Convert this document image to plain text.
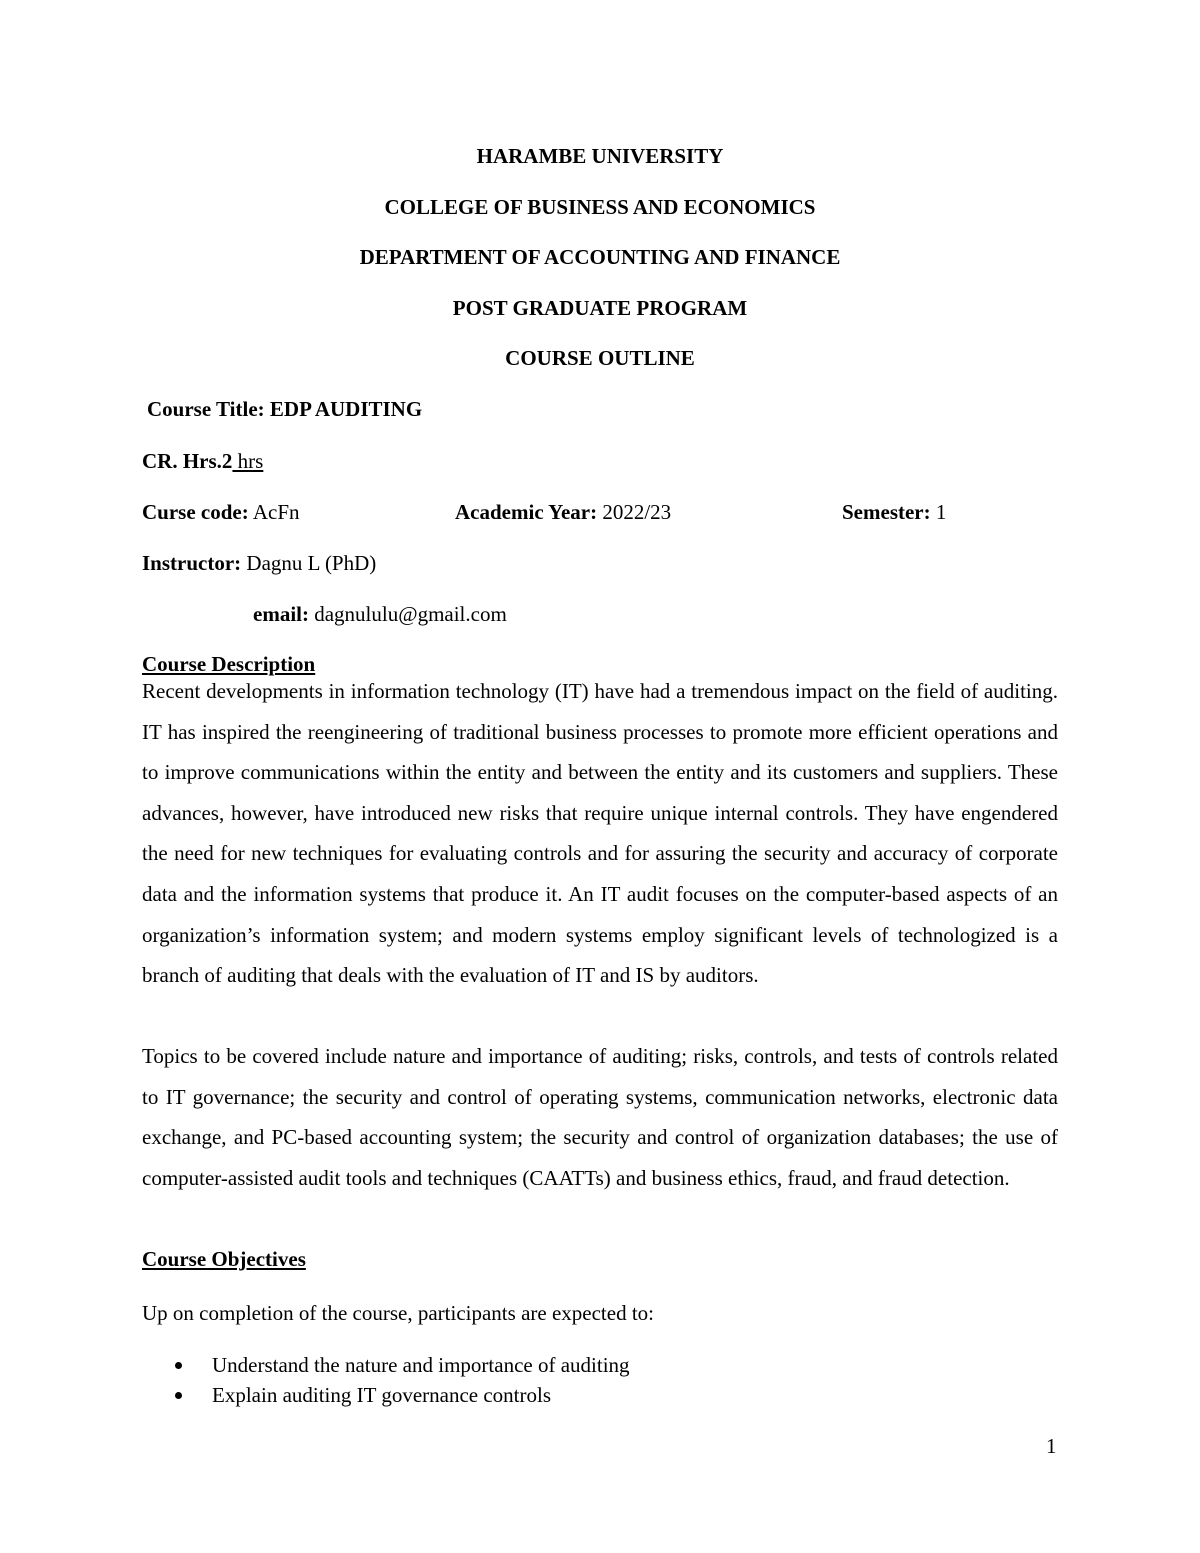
HARAMBE UNIVERSITY
COLLEGE OF BUSINESS AND ECONOMICS
DEPARTMENT OF ACCOUNTING AND FINANCE
POST GRADUATE PROGRAM
COURSE OUTLINE
Course Title: EDP AUDITING
CR. Hrs.2 hrs
Curse code: AcFn	Academic Year: 2022/23	Semester: 1
Instructor: Dagnu L (PhD)
email: dagnululu@gmail.com
Course Description

Recent developments in information technology (IT) have had a tremendous impact on the field of auditing. IT has inspired the reengineering of traditional business processes to promote more efficient operations and to improve communications within the entity and between the entity and its customers and suppliers. These advances, however, have introduced new risks that require unique internal controls. They have engendered the need for new techniques for evaluating controls and for assuring the security and accuracy of corporate data and the information systems that produce it. An IT audit focuses on the computer-based aspects of an organization’s information system; and modern systems employ significant levels of technologized is a branch of auditing that deals with the evaluation of IT and IS by auditors.

Topics to be covered include nature and importance of auditing; risks, controls, and tests of controls related to IT governance; the security and control of operating systems, communication networks, electronic data exchange, and PC-based accounting system; the security and control of organization databases; the use of computer-assisted audit tools and techniques (CAATTs) and business ethics, fraud, and fraud detection.

Course Objectives
Up on completion of the course, participants are expected to:
Understand the nature and importance of auditing
Explain auditing IT governance controls
1
